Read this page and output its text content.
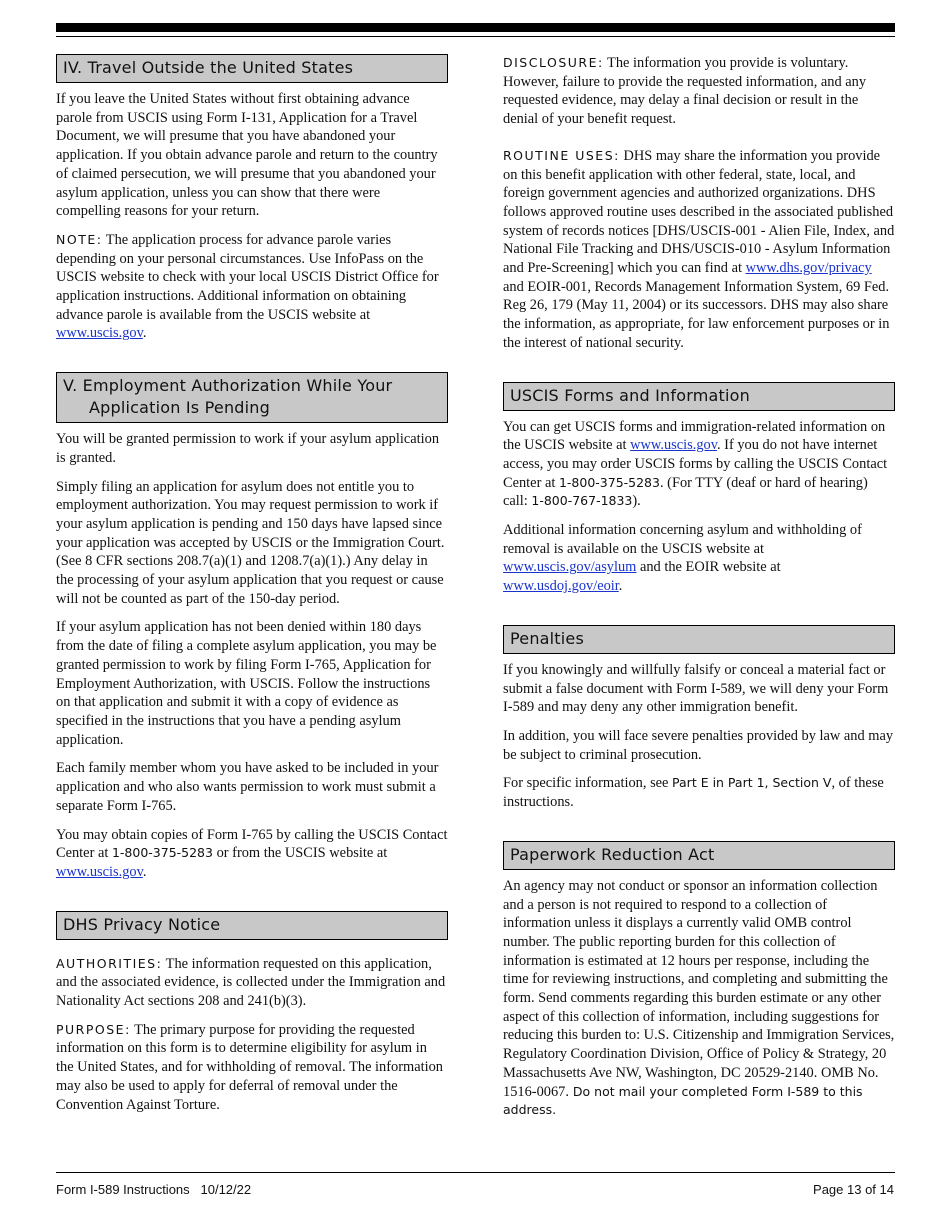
IV. Travel Outside the United States

If you leave the United States without first obtaining advance parole from USCIS using Form I-131, Application for a Travel Document, we will presume that you have abandoned your application. If you obtain advance parole and return to the country of claimed persecution, we will presume that you abandoned your asylum application, unless you can show that there were compelling reasons for your return.

NOTE: The application process for advance parole varies depending on your personal circumstances. Use InfoPass on the USCIS website to check with your local USCIS District Office for application instructions. Additional information on obtaining advance parole is available from the USCIS website at www.uscis.gov.

V. Employment Authorization While Your
Application Is Pending

You will be granted permission to work if your asylum application is granted.

Simply filing an application for asylum does not entitle you to employment authorization. You may request permission to work if your asylum application is pending and 150 days have lapsed since your application was accepted by USCIS or the Immigration Court. (See 8 CFR sections 208.7(a)(1) and 1208.7(a)(1).) Any delay in the processing of your asylum application that you request or cause will not be counted as part of the 150-day period.

If your asylum application has not been denied within 180 days from the date of filing a complete asylum application, you may be granted permission to work by filing Form I-765, Application for Employment Authorization, with USCIS. Follow the instructions on that application and submit it with a copy of evidence as specified in the instructions that you have a pending asylum application.

Each family member whom you have asked to be included in your application and who also wants permission to work must submit a separate Form I-765.

You may obtain copies of Form I-765 by calling the USCIS Contact Center at 1-800-375-5283 or from the USCIS website at www.uscis.gov.

DHS Privacy Notice

AUTHORITIES: The information requested on this application, and the associated evidence, is collected under the Immigration and Nationality Act sections 208 and 241(b)(3).

PURPOSE: The primary purpose for providing the requested information on this form is to determine eligibility for asylum in the United States, and for withholding of removal. The information may also be used to apply for deferral of removal under the Convention Against Torture.

DISCLOSURE: The information you provide is voluntary. However, failure to provide the requested information, and any requested evidence, may delay a final decision or result in the denial of your benefit request.

ROUTINE USES: DHS may share the information you provide on this benefit application with other federal, state, local, and foreign government agencies and authorized organizations. DHS follows approved routine uses described in the associated published system of records notices [DHS/USCIS-001 - Alien File, Index, and National File Tracking and DHS/USCIS-010 - Asylum Information and Pre-Screening] which you can find at www.dhs.gov/privacy and EOIR-001, Records Management Information System, 69 Fed. Reg 26, 179 (May 11, 2004) or its successors. DHS may also share the information, as appropriate, for law enforcement purposes or in the interest of national security.

USCIS Forms and Information

You can get USCIS forms and immigration-related information on the USCIS website at www.uscis.gov. If you do not have internet access, you may order USCIS forms by calling the USCIS Contact Center at 1-800-375-5283. (For TTY (deaf or hard of hearing) call: 1-800-767-1833).

Additional information concerning asylum and withholding of removal is available on the USCIS website at www.uscis.gov/asylum and the EOIR website at www.usdoj.gov/eoir.

Penalties

If you knowingly and willfully falsify or conceal a material fact or submit a false document with Form I-589, we will deny your Form I-589 and may deny any other immigration benefit.

In addition, you will face severe penalties provided by law and may be subject to criminal prosecution.

For specific information, see Part E in Part 1, Section V, of these instructions.

Paperwork Reduction Act

An agency may not conduct or sponsor an information collection and a person is not required to respond to a collection of information unless it displays a currently valid OMB control number. The public reporting burden for this collection of information is estimated at 12 hours per response, including the time for reviewing instructions, and completing and submitting the form. Send comments regarding this burden estimate or any other aspect of this collection of information, including suggestions for reducing this burden to: U.S. Citizenship and Immigration Services, Regulatory Coordination Division, Office of Policy & Strategy, 20 Massachusetts Ave NW, Washington, DC 20529-2140. OMB No. 1516-0067. Do not mail your completed Form I-589 to this address.

Form I-589 Instructions   10/12/22	Page 13 of 14
